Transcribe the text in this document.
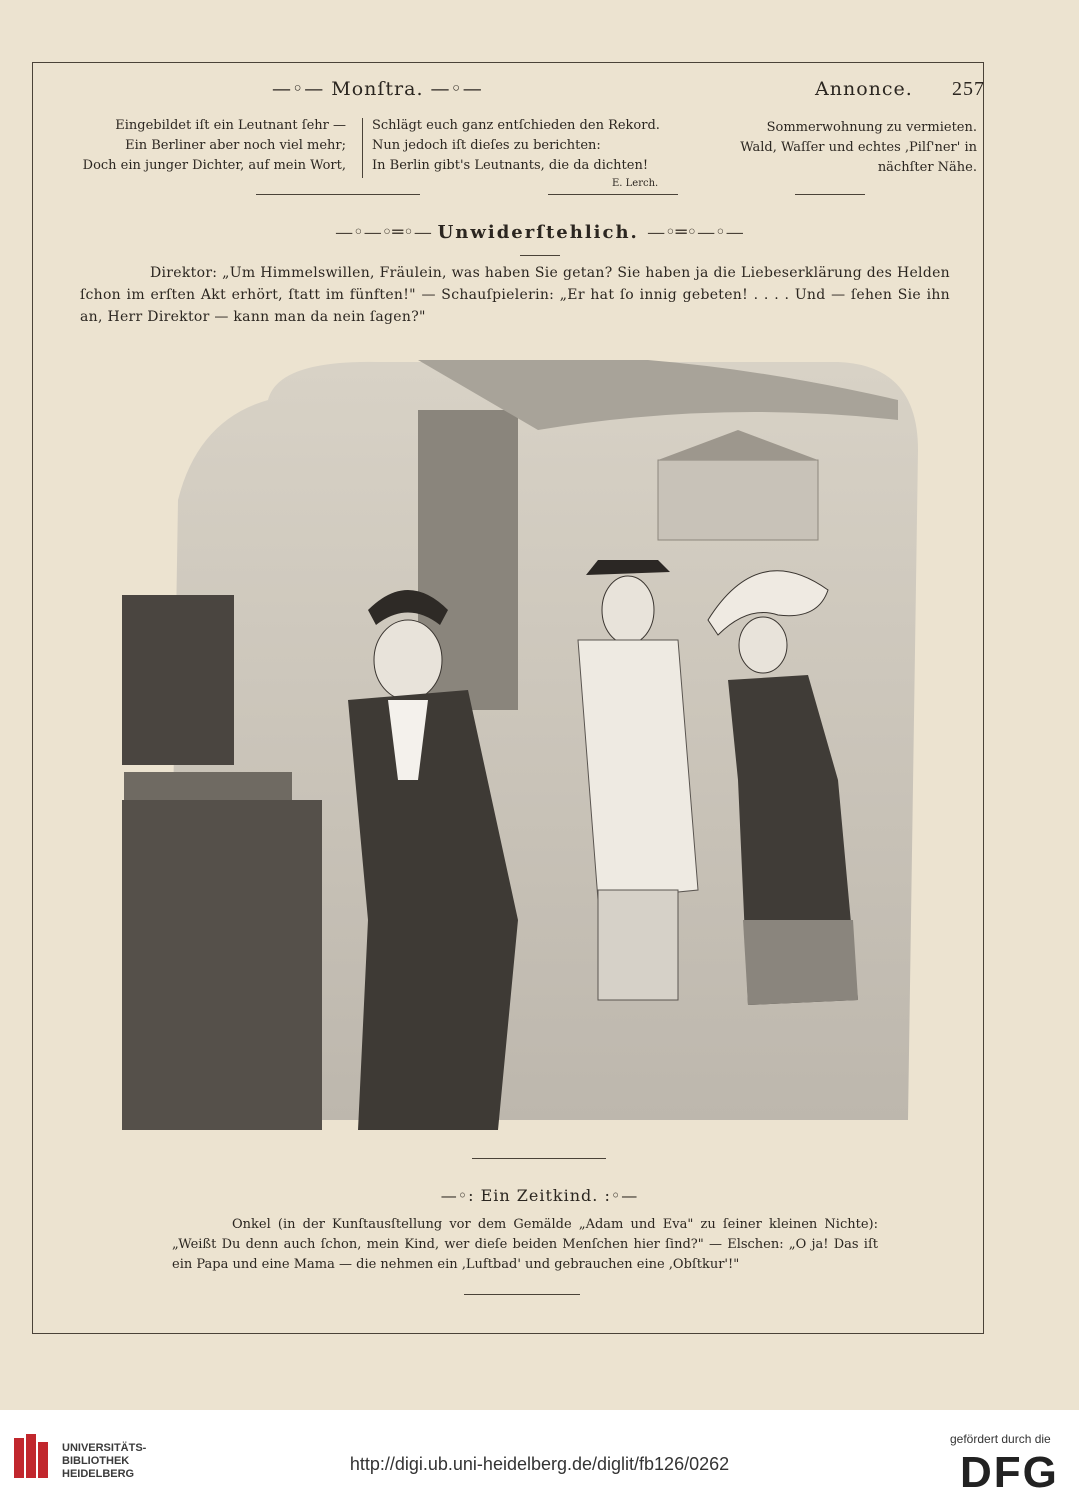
—◦— Monſtra. —◦—	Annonce. 257
Eingebildet iſt ein Leutnant ſehr —
Ein Berliner aber noch viel mehr;
Doch ein junger Dichter, auf mein Wort,
Schlägt euch ganz entſchieden den Rekord.
Nun jedoch iſt dieſes zu berichten:
In Berlin gibt's Leutnants, die da dichten!
E. Lerch.
Sommerwohnung zu vermieten.
Wald, Waſſer und echtes ‚Pilſ'ner' in
nächſter Nähe.
—◦—◦═◦— Unwiderſtehlich. —◦═◦—◦—
Direktor: „Um Himmelswillen, Fräulein, was haben Sie getan? Sie haben ja die Liebeserklärung des Helden ſchon im erſten Akt erhört, ſtatt im fünften!" — Schauſpielerin: „Er hat ſo innig gebeten! . . . . Und — ſehen Sie ihn an, Herr Direktor — kann man da nein ſagen?"
—◦: Ein Zeitkind. :◦—
Onkel (in der Kunſtausſtellung vor dem Gemälde „Adam und Eva" zu ſeiner kleinen Nichte): „Weißt Du denn auch ſchon, mein Kind, wer dieſe beiden Menſchen hier ſind?" — Elschen: „O ja! Das iſt ein Papa und eine Mama — die nehmen ein ‚Luftbad' und gebrauchen eine ‚Obſtkur'!"
UNIVERSITÄTS-
BIBLIOTHEK
HEIDELBERG	http://digi.ub.uni-heidelberg.de/diglit/fb126/0262
gefördert durch die
DFG
